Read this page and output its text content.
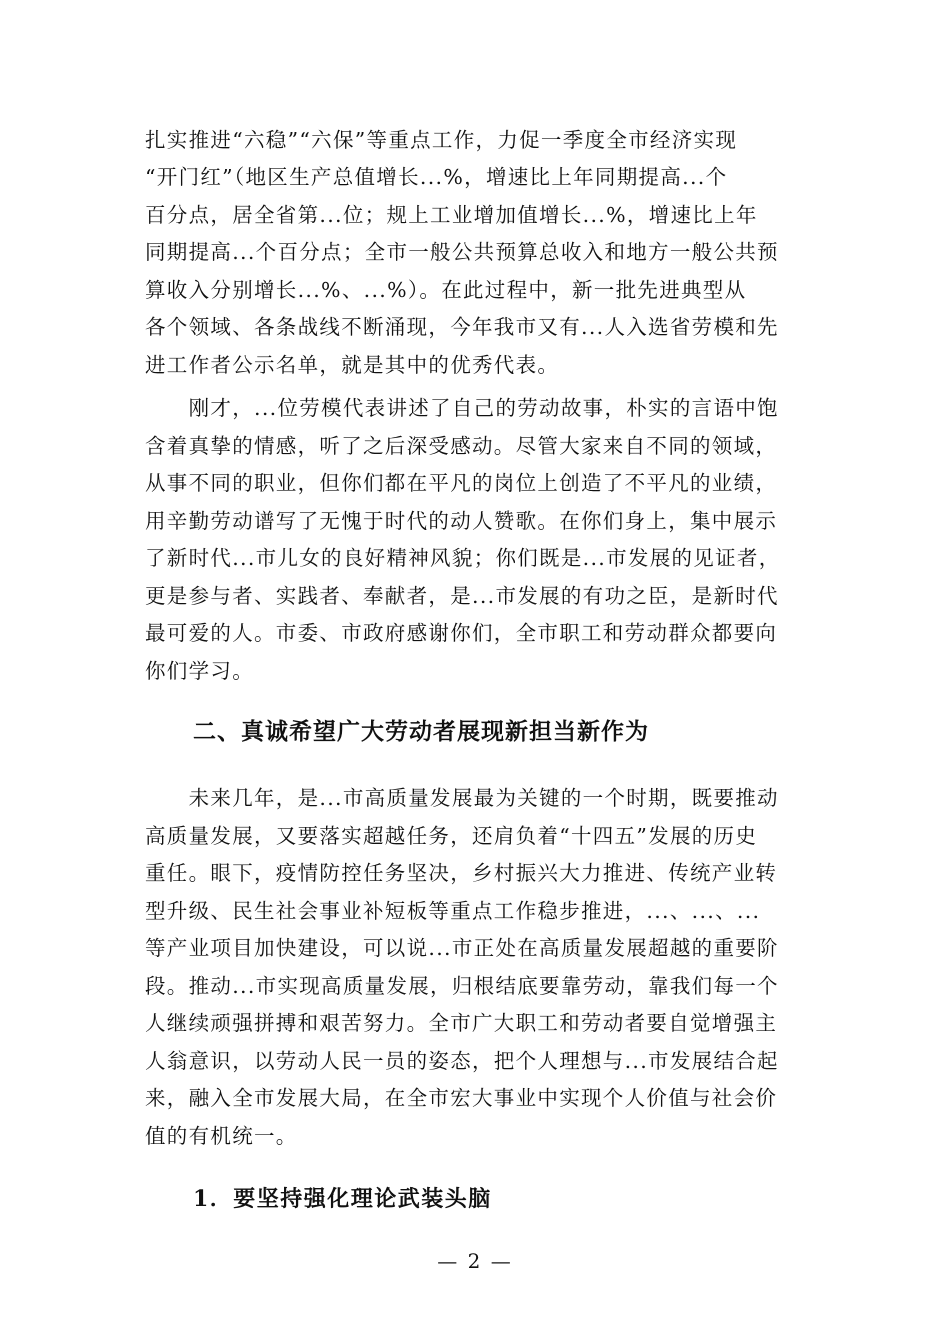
扎实推进“六稳”“六保”等重点工作，力促一季度全市经济实现
“开门红”（地区生产总值增长...%，增速比上年同期提高...个
百分点，居全省第...位；规上工业增加值增长...%，增速比上年
同期提高...个百分点；全市一般公共预算总收入和地方一般公共预
算收入分别增长...%、...%）。在此过程中，新一批先进典型从
各个领域、各条战线不断涌现，今年我市又有...人入选省劳模和先
进工作者公示名单，就是其中的优秀代表。
　　刚才，...位劳模代表讲述了自己的劳动故事，朴实的言语中饱
含着真挚的情感，听了之后深受感动。尽管大家来自不同的领域，
从事不同的职业，但你们都在平凡的岗位上创造了不平凡的业绩，
用辛勤劳动谱写了无愧于时代的动人赞歌。在你们身上，集中展示
了新时代...市儿女的良好精神风貌；你们既是...市发展的见证者，
更是参与者、实践者、奉献者，是...市发展的有功之臣，是新时代
最可爱的人。市委、市政府感谢你们，全市职工和劳动群众都要向
你们学习。
二、真诚希望广大劳动者展现新担当新作为
　　未来几年，是...市高质量发展最为关键的一个时期，既要推动
高质量发展，又要落实超越任务，还肩负着“十四五”发展的历史
重任。眼下，疫情防控任务坚决，乡村振兴大力推进、传统产业转
型升级、民生社会事业补短板等重点工作稳步推进，...、...、...
等产业项目加快建设，可以说...市正处在高质量发展超越的重要阶
段。推动...市实现高质量发展，归根结底要靠劳动，靠我们每一个
人继续顽强拼搏和艰苦努力。全市广大职工和劳动者要自觉增强主
人翁意识，以劳动人民一员的姿态，把个人理想与...市发展结合起
来，融入全市发展大局，在全市宏大事业中实现个人价值与社会价
值的有机统一。
1．要坚持强化理论武装头脑
— 2 —
